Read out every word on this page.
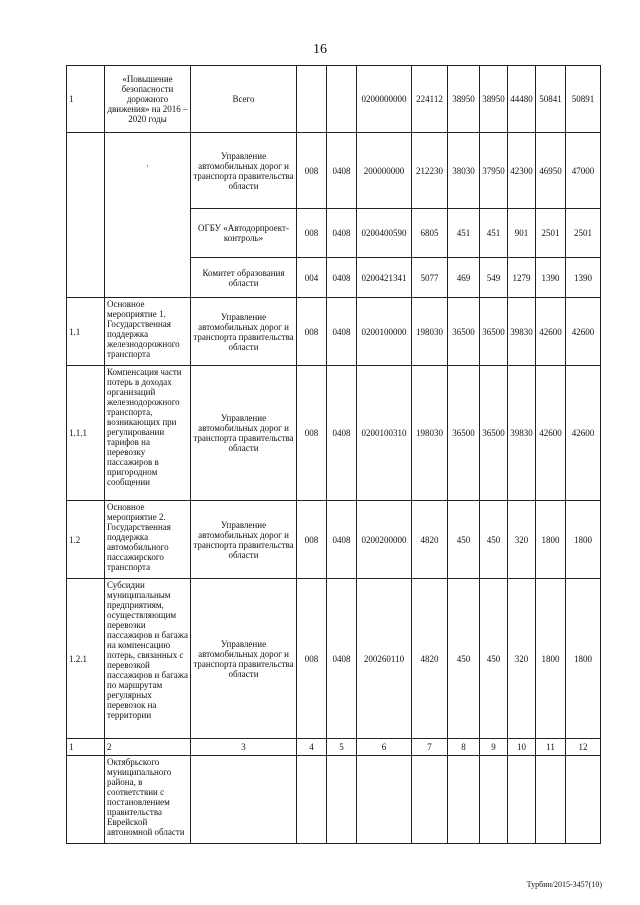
16
1	«Повышение безопасности дорожного движения» на 2016 – 2020 годы	Всего			0200000000	224112	38950	38950	44480	50841	50891
	·	Управление автомобильных дорог и транспорта правительства области	008	0408	200000000	212230	38030	37950	42300	46950	47000
		ОГБУ «Автодорпроект-контроль»	008	0408	0200400590	6805	451	451	901	2501	2501
		Комитет образования области	004	0408	0200421341	5077	469	549	1279	1390	1390
1.1	Основное мероприятие 1. Государственная поддержка железнодорожного транспорта	Управление автомобильных дорог и транспорта правительства области	008	0408	0200100000	198030	36500	36500	39830	42600	42600
1.1.1	Компенсация части потерь в доходах организаций железнодорожного транспорта, возникающих при регулировании тарифов на перевозку пассажиров в пригородном сообщении	Управление автомобильных дорог и транспорта правительства области	008	0408	0200100310	198030	36500	36500	39830	42600	42600
1.2	Основное мероприятие 2. Государственная поддержка автомобильного пассажирского транспорта	Управление автомобильных дорог и транспорта правительства области	008	0408	0200200000	4820	450	450	320	1800	1800
1.2.1	Субсидии муниципальным предприятиям, осуществляющим перевозки пассажиров и багажа на компенсацию потерь, связанных с перевозкой пассажиров и багажа по маршрутам регулярных перевозок на территории	Управление автомобильных дорог и транспорта правительства области	008	0408	200260110	4820	450	450	320	1800	1800
1	2	3	4	5	6	7	8	9	10	11	12
	Октябрьского муниципального района, в соответствии с постановлением правительства Еврейской автономной области										
Турбин/2015-3457(10)
